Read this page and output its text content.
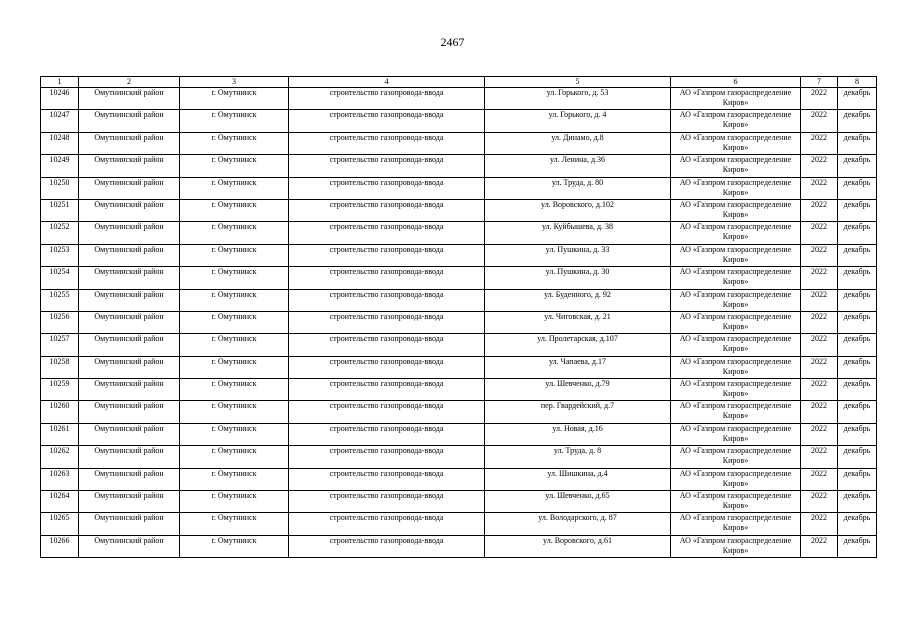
2467
1	2	3	4	5	6	7	8
10246	Омутнинский район	г. Омутнинск	строительство газопровода-ввода	ул. Горького, д. 53	АО «Газпром газораспределение Киров»	2022	декабрь
10247	Омутнинский район	г. Омутнинск	строительство газопровода-ввода	ул. Горького, д. 4	АО «Газпром газораспределение Киров»	2022	декабрь
10248	Омутнинский район	г. Омутнинск	строительство газопровода-ввода	ул. Динамо, д.8	АО «Газпром газораспределение Киров»	2022	декабрь
10249	Омутнинский район	г. Омутнинск	строительство газопровода-ввода	ул. Ленина, д.36	АО «Газпром газораспределение Киров»	2022	декабрь
10250	Омутнинский район	г. Омутнинск	строительство газопровода-ввода	ул. Труда, д. 80	АО «Газпром газораспределение Киров»	2022	декабрь
10251	Омутнинский район	г. Омутнинск	строительство газопровода-ввода	ул. Воровского, д.102	АО «Газпром газораспределение Киров»	2022	декабрь
10252	Омутнинский район	г. Омутнинск	строительство газопровода-ввода	ул. Куйбышева, д. 38	АО «Газпром газораспределение Киров»	2022	декабрь
10253	Омутнинский район	г. Омутнинск	строительство газопровода-ввода	ул. Пушкина, д. 33	АО «Газпром газораспределение Киров»	2022	декабрь
10254	Омутнинский район	г. Омутнинск	строительство газопровода-ввода	ул. Пушкина, д. 30	АО «Газпром газораспределение Киров»	2022	декабрь
10255	Омутнинский район	г. Омутнинск	строительство газопровода-ввода	ул. Буденного, д. 92	АО «Газпром газораспределение Киров»	2022	декабрь
10256	Омутнинский район	г. Омутнинск	строительство газопровода-ввода	ул. Чиговская, д. 21	АО «Газпром газораспределение Киров»	2022	декабрь
10257	Омутнинский район	г. Омутнинск	строительство газопровода-ввода	ул. Пролетарская, д.107	АО «Газпром газораспределение Киров»	2022	декабрь
10258	Омутнинский район	г. Омутнинск	строительство газопровода-ввода	ул. Чапаева, д.17	АО «Газпром газораспределение Киров»	2022	декабрь
10259	Омутнинский район	г. Омутнинск	строительство газопровода-ввода	ул. Шевченко, д.79	АО «Газпром газораспределение Киров»	2022	декабрь
10260	Омутнинский район	г. Омутнинск	строительство газопровода-ввода	пер. Гвардейский, д.7	АО «Газпром газораспределение Киров»	2022	декабрь
10261	Омутнинский район	г. Омутнинск	строительство газопровода-ввода	ул. Новая, д.16	АО «Газпром газораспределение Киров»	2022	декабрь
10262	Омутнинский район	г. Омутнинск	строительство газопровода-ввода	ул. Труда, д. 8	АО «Газпром газораспределение Киров»	2022	декабрь
10263	Омутнинский район	г. Омутнинск	строительство газопровода-ввода	ул. Шишкина, д.4	АО «Газпром газораспределение Киров»	2022	декабрь
10264	Омутнинский район	г. Омутнинск	строительство газопровода-ввода	ул. Шевченко, д.65	АО «Газпром газораспределение Киров»	2022	декабрь
10265	Омутнинский район	г. Омутнинск	строительство газопровода-ввода	ул. Володарского, д. 87	АО «Газпром газораспределение Киров»	2022	декабрь
10266	Омутнинский район	г. Омутнинск	строительство газопровода-ввода	ул. Воровского, д.61	АО «Газпром газораспределение Киров»	2022	декабрь
